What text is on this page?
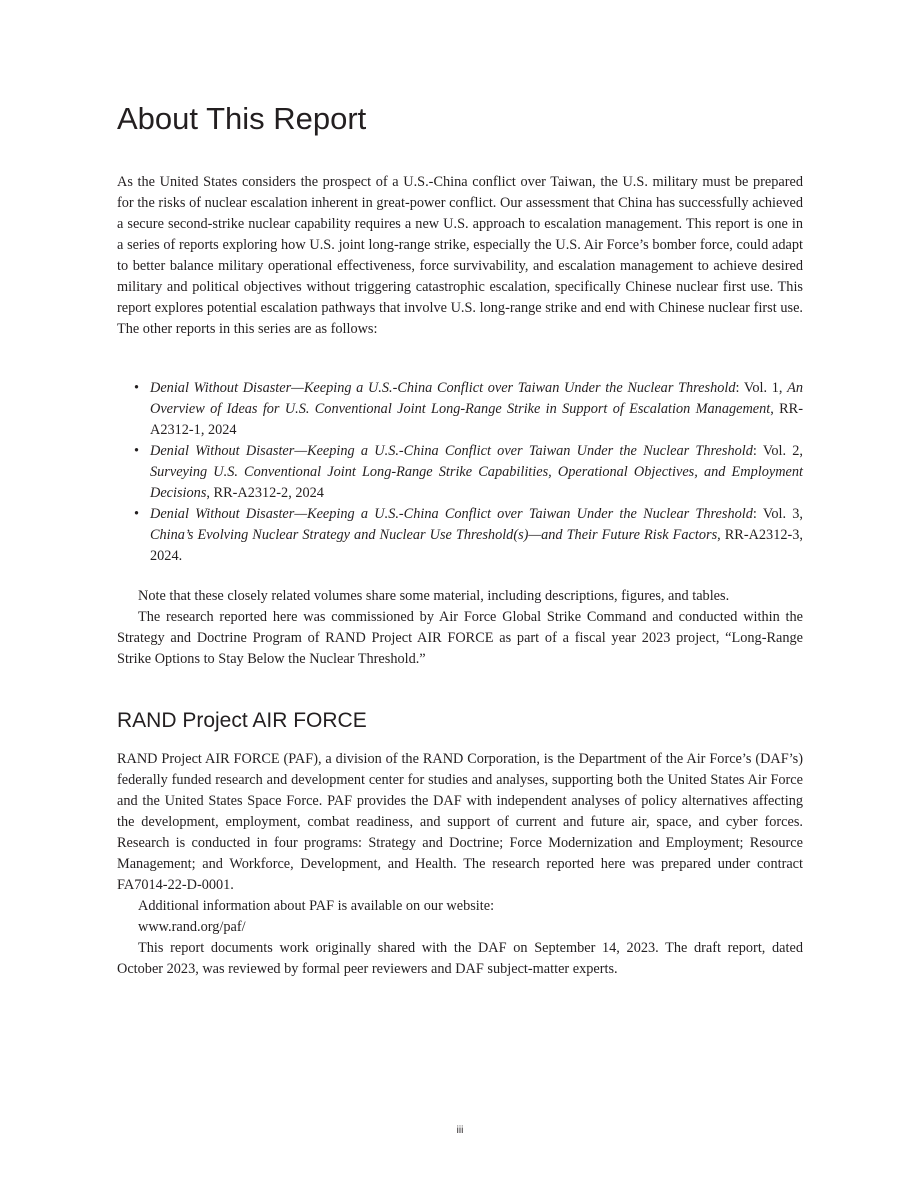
About This Report

As the United States considers the prospect of a U.S.-China conflict over Taiwan, the U.S. military must be prepared for the risks of nuclear escalation inherent in great-power conflict. Our assessment that China has successfully achieved a secure second-strike nuclear capability requires a new U.S. approach to escalation management. This report is one in a series of reports exploring how U.S. joint long-range strike, especially the U.S. Air Force’s bomber force, could adapt to better balance military operational effectiveness, force survivability, and escalation management to achieve desired military and political objectives without triggering catastrophic escalation, specifically Chinese nuclear first use. This report explores potential escalation pathways that involve U.S. long-range strike and end with Chinese nuclear first use. The other reports in this series are as follows:

• Denial Without Disaster—Keeping a U.S.-China Conflict over Taiwan Under the Nuclear Threshold: Vol. 1, An Overview of Ideas for U.S. Conventional Joint Long-Range Strike in Support of Escalation Management, RR-A2312-1, 2024
• Denial Without Disaster—Keeping a U.S.-China Conflict over Taiwan Under the Nuclear Threshold: Vol. 2, Surveying U.S. Conventional Joint Long-Range Strike Capabilities, Operational Objectives, and Employment Decisions, RR-A2312-2, 2024
• Denial Without Disaster—Keeping a U.S.-China Conflict over Taiwan Under the Nuclear Threshold: Vol. 3, China’s Evolving Nuclear Strategy and Nuclear Use Threshold(s)—and Their Future Risk Factors, RR-A2312-3, 2024.

Note that these closely related volumes share some material, including descriptions, figures, and tables.

The research reported here was commissioned by Air Force Global Strike Command and conducted within the Strategy and Doctrine Program of RAND Project AIR FORCE as part of a fiscal year 2023 project, “Long-Range Strike Options to Stay Below the Nuclear Threshold.”

RAND Project AIR FORCE

RAND Project AIR FORCE (PAF), a division of the RAND Corporation, is the Department of the Air Force’s (DAF’s) federally funded research and development center for studies and analyses, supporting both the United States Air Force and the United States Space Force. PAF provides the DAF with independent analyses of policy alternatives affecting the development, employment, combat readiness, and support of current and future air, space, and cyber forces. Research is conducted in four programs: Strategy and Doctrine; Force Modernization and Employment; Resource Management; and Workforce, Development, and Health. The research reported here was prepared under contract FA7014-22-D-0001.

Additional information about PAF is available on our website:

www.rand.org/paf/

This report documents work originally shared with the DAF on September 14, 2023. The draft report, dated October 2023, was reviewed by formal peer reviewers and DAF subject-matter experts.

iii
